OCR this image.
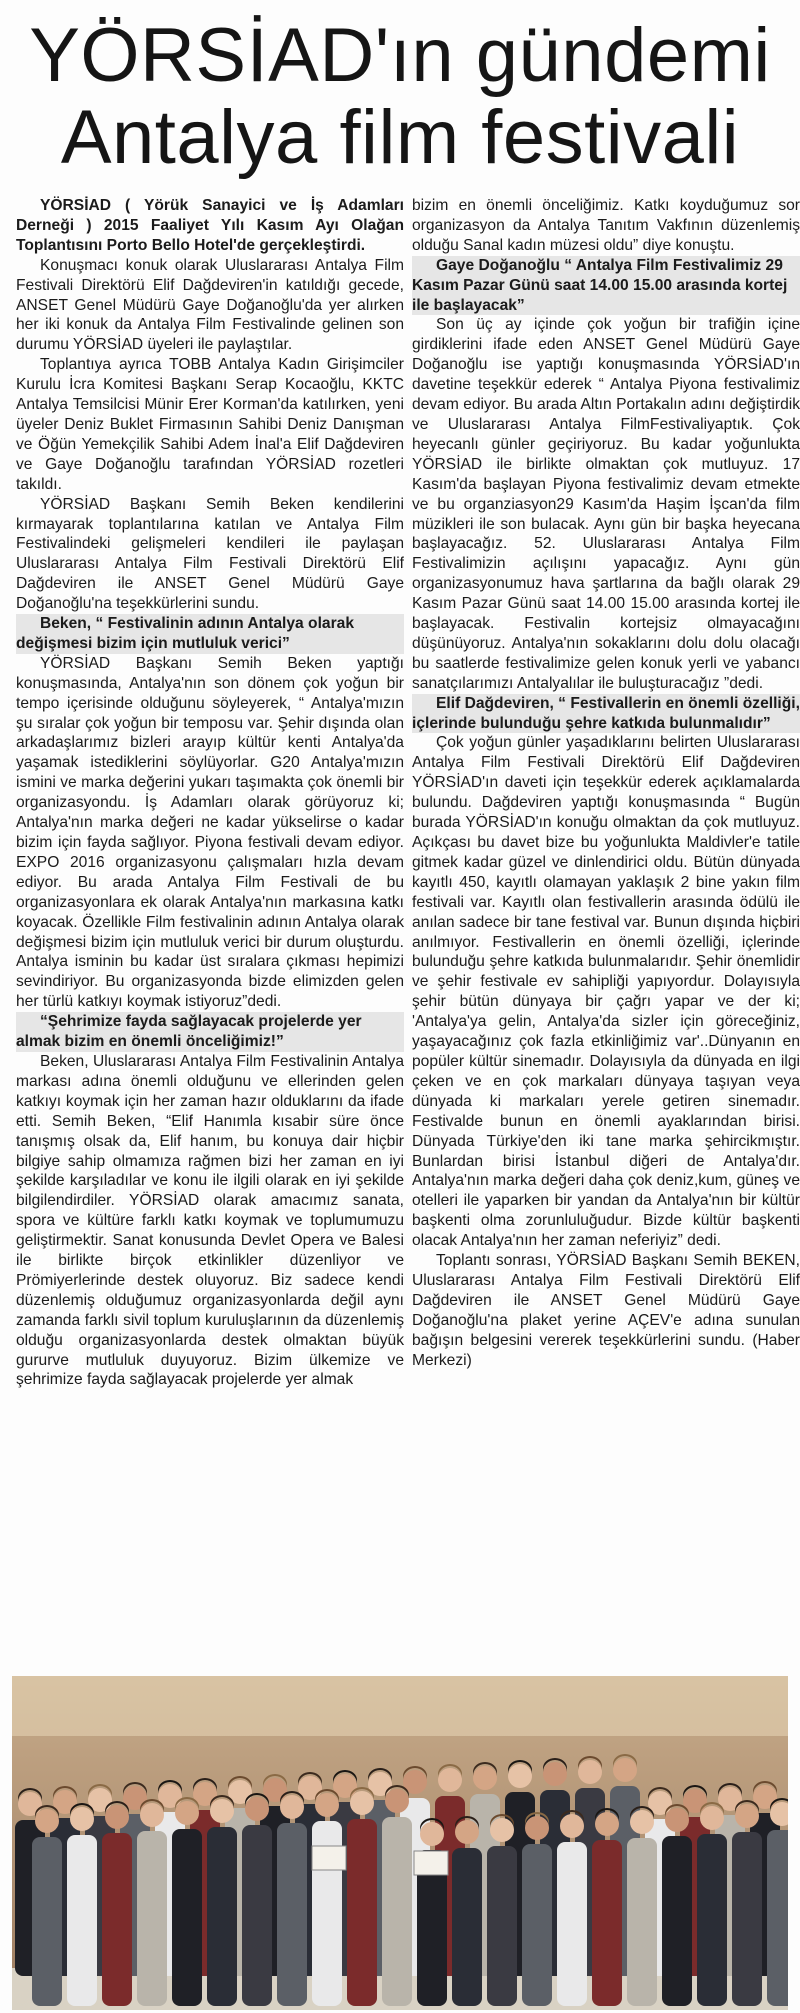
YÖRSİAD'ın gündemi
Antalya film festivali

YÖRSİAD ( Yörük Sanayici ve İş Adamları Derneği ) 2015 Faaliyet Yılı Kasım Ayı Olağan Toplantısını Porto Bello Hotel'de gerçekleştirdi.

Konuşmacı konuk olarak Uluslararası Antalya Film Festivali Direktörü Elif Dağdeviren'in katıldığı gecede, ANSET Genel Müdürü Gaye Doğanoğlu'da yer alırken her iki konuk da Antalya Film Festivalinde gelinen son durumu YÖRSİAD üyeleri ile paylaştılar.

Toplantıya ayrıca TOBB Antalya Kadın Girişimciler Kurulu İcra Komitesi Başkanı Serap Kocaoğlu, KKTC Antalya Temsilcisi Münir Erer Korman'da katılırken, yeni üyeler Deniz Buklet Firmasının Sahibi Deniz Danışman ve Öğün Yemekçilik Sahibi Adem İnal'a Elif Dağdeviren ve Gaye Doğanoğlu tarafından YÖRSİAD rozetleri takıldı.

YÖRSİAD Başkanı Semih Beken kendilerini kırmayarak toplantılarına katılan ve Antalya Film Festivalindeki gelişmeleri kendileri ile paylaşan Uluslararası Antalya Film Festivali Direktörü Elif Dağdeviren ile ANSET Genel Müdürü Gaye Doğanoğlu'na teşekkürlerini sundu.

Beken, “ Festivalinin adının Antalya olarak değişmesi bizim için mutluluk verici”

YÖRSİAD Başkanı Semih Beken yaptığı konuşmasında, Antalya'nın son dönem çok yoğun bir tempo içerisinde olduğunu söyleyerek, “ Antalya'mızın şu sıralar çok yoğun bir temposu var. Şehir dışında olan arkadaşlarımız bizleri arayıp kültür kenti Antalya'da yaşamak istediklerini söylüyorlar. G20 Antalya'mızın ismini ve marka değerini yukarı taşımakta çok önemli bir organizasyondu. İş Adamları olarak görüyoruz ki; Antalya'nın marka değeri ne kadar yükselirse o kadar bizim için fayda sağlıyor. Piyona festivali devam ediyor. EXPO 2016 organizasyonu çalışmaları hızla devam ediyor. Bu arada Antalya Film Festivali de bu organizasyonlara ek olarak Antalya'nın markasına katkı koyacak. Özellikle Film festivalinin adının Antalya olarak değişmesi bizim için mutluluk verici bir durum oluşturdu. Antalya isminin bu kadar üst sıralara çıkması hepimizi sevindiriyor. Bu organizasyonda bizde elimizden gelen her türlü katkıyı koymak istiyoruz”dedi.

“Şehrimize fayda sağlayacak projelerde yer almak bizim en önemli önceliğimiz!”

Beken, Uluslararası Antalya Film Festivalinin Antalya markası adına önemli olduğunu ve ellerinden gelen katkıyı koymak için her zaman hazır olduklarını da ifade etti. Semih Beken, “Elif Hanımla kısabir süre önce tanışmış olsak da, Elif hanım, bu konuya dair hiçbir bilgiye sahip olmamıza rağmen bizi her zaman en iyi şekilde karşıladılar ve konu ile ilgili olarak en iyi şekilde bilgilendirdiler. YÖRSİAD olarak amacımız sanata, spora ve kültüre farklı katkı koymak ve toplumumuzu geliştirmektir. Sanat konusunda Devlet Opera ve Balesi ile birlikte birçok etkinlikler düzenliyor ve Prömiyerlerinde destek oluyoruz. Biz sadece kendi düzenlemiş olduğumuz organizasyonlarda değil aynı zamanda farklı sivil toplum kuruluşlarının da düzenlemiş olduğu organizasyonlarda destek olmaktan büyük gururve mutluluk duyuyoruz. Bizim ülkemize ve şehrimize fayda sağlayacak projelerde yer almak

bizim en önemli önceliğimiz. Katkı koyduğumuz sor organizasyon da Antalya Tanıtım Vakfının düzenlemiş olduğu Sanal kadın müzesi oldu” diye konuştu.

Gaye Doğanoğlu “ Antalya Film Festivalimiz 29 Kasım Pazar Günü saat 14.00 15.00 arasında kortej ile başlayacak”

Son üç ay içinde çok yoğun bir trafiğin içine girdiklerini ifade eden ANSET Genel Müdürü Gaye Doğanoğlu ise yaptığı konuşmasında YÖRSİAD'ın davetine teşekkür ederek “ Antalya Piyona festivalimiz devam ediyor. Bu arada Altın Portakalın adını değiştirdik ve Uluslararası Antalya FilmFestivaliyaptık. Çok heyecanlı günler geçiriyoruz. Bu kadar yoğunlukta YÖRSİAD ile birlikte olmaktan çok mutluyuz. 17 Kasım'da başlayan Piyona festivalimiz devam etmekte ve bu organziasyon29 Kasım'da Haşim İşcan'da film müzikleri ile son bulacak. Aynı gün bir başka heyecana başlayacağız. 52. Uluslararası Antalya Film Festivalimizin açılışını yapacağız. Aynı gün organizasyonumuz hava şartlarına da bağlı olarak 29 Kasım Pazar Günü saat 14.00 15.00 arasında kortej ile başlayacak. Festivalin kortejsiz olmayacağını düşünüyoruz. Antalya'nın sokaklarını dolu dolu olacağı bu saatlerde festivalimize gelen konuk yerli ve yabancı sanatçılarımızı Antalyalılar ile buluşturacağız ”dedi.

Elif Dağdeviren, “ Festivallerin en önemli özelliği, içlerinde bulunduğu şehre katkıda bulunmalıdır”

Çok yoğun günler yaşadıklarını belirten Uluslararası Antalya Film Festivali Direktörü Elif Dağdeviren YÖRSİAD'ın daveti için teşekkür ederek açıklamalarda bulundu. Dağdeviren yaptığı konuşmasında “ Bugün burada YÖRSİAD'ın konuğu olmaktan da çok mutluyuz. Açıkçası bu davet bize bu yoğunlukta Maldivler'e tatile gitmek kadar güzel ve dinlendirici oldu. Bütün dünyada kayıtlı 450, kayıtlı olamayan yaklaşık 2 bine yakın film festivali var. Kayıtlı olan festivallerin arasında ödülü ile anılan sadece bir tane festival var. Bunun dışında hiçbiri anılmıyor. Festivallerin en önemli özelliği, içlerinde bulunduğu şehre katkıda bulunmalarıdır. Şehir önemlidir ve şehir festivale ev sahipliği yapıyordur. Dolayısıyla şehir bütün dünyaya bir çağrı yapar ve der ki; 'Antalya'ya gelin, Antalya'da sizler için göreceğiniz, yaşayacağınız çok fazla etkinliğimiz var'..Dünyanın en popüler kültür sinemadır. Dolayısıyla da dünyada en ilgi çeken ve en çok markaları dünyaya taşıyan veya dünyada ki markaları yerele getiren sinemadır. Festivalde bunun en önemli ayaklarından birisi. Dünyada Türkiye'den iki tane marka şehircikmıştır. Bunlardan birisi İstanbul diğeri de Antalya'dır. Antalya'nın marka değeri daha çok deniz,kum, güneş ve otelleri ile yaparken bir yandan da Antalya'nın bir kültür başkenti olma zorunluluğudur. Bizde kültür başkenti olacak Antalya'nın her zaman neferiyiz” dedi.

Toplantı sonrası, YÖRSİAD Başkanı Semih BEKEN, Uluslararası Antalya Film Festivali Direktörü Elif Dağdeviren ile ANSET Genel Müdürü Gaye Doğanoğlu'na plaket yerine AÇEV'e adına sunulan bağışın belgesini vererek teşekkürlerini sundu. (Haber Merkezi)
